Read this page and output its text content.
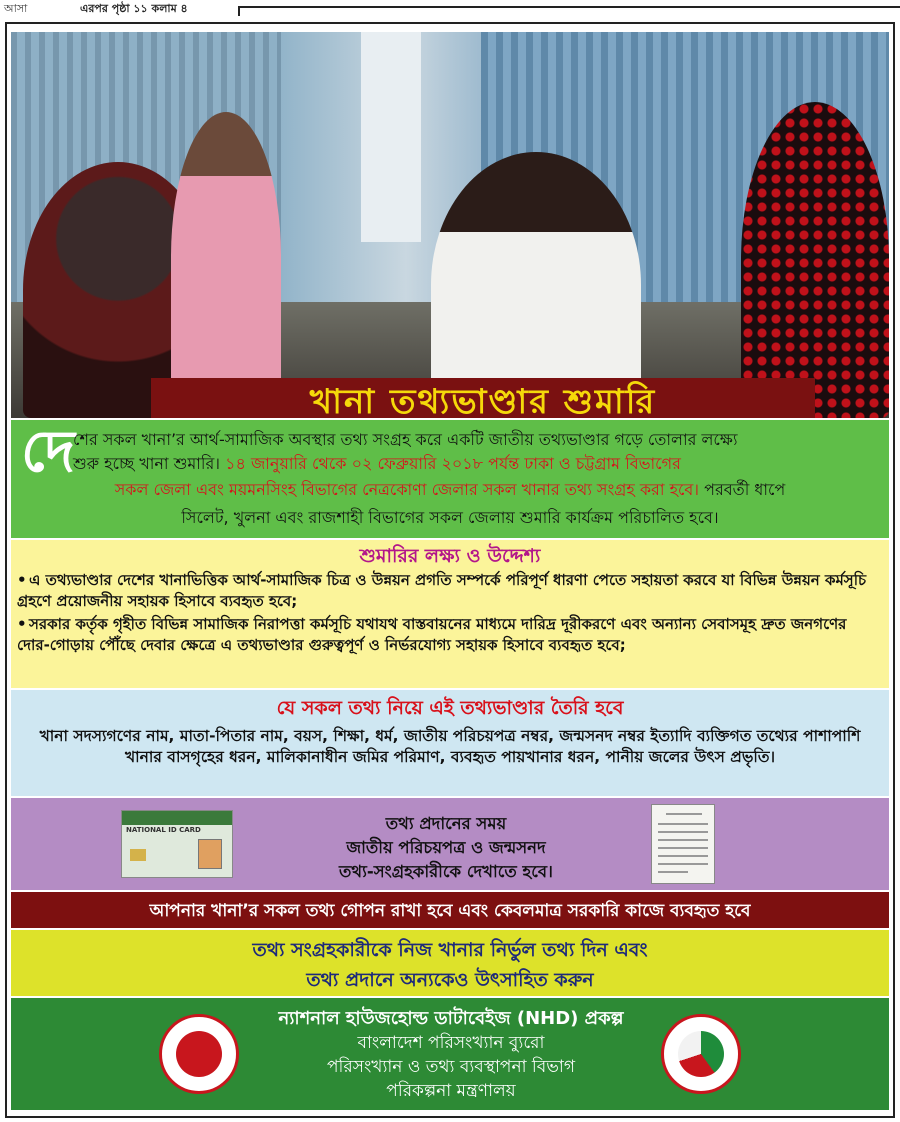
আসা	এরপর পৃষ্ঠা ১১ কলাম ৪
খানা তথ্যভাণ্ডার শুমারি
দে
শের সকল খানা’র আর্থ-সামাজিক অবস্থার তথ্য সংগ্রহ করে একটি জাতীয় তথ্যভাণ্ডার গড়ে তোলার লক্ষ্যে
শুরু হচ্ছে খানা শুমারি। ১৪ জানুয়ারি থেকে ০২ ফেব্রুয়ারি ২০১৮ পর্যন্ত ঢাকা ও চট্টগ্রাম বিভাগের
সকল জেলা এবং ময়মনসিংহ বিভাগের নেত্রকোণা জেলার সকল খানার তথ্য সংগ্রহ করা হবে। পরবর্তী ধাপে
সিলেট, খুলনা এবং রাজশাহী বিভাগের সকল জেলায় শুমারি কার্যক্রম পরিচালিত হবে।
শুমারির লক্ষ্য ও উদ্দেশ্য
• এ তথ্যভাণ্ডার দেশের খানাভিত্তিক আর্থ-সামাজিক চিত্র ও উন্নয়ন প্রগতি সম্পর্কে পরিপূর্ণ ধারণা পেতে সহায়তা করবে যা বিভিন্ন উন্নয়ন কর্মসূচি গ্রহণে প্রয়োজনীয় সহায়ক হিসাবে ব্যবহৃত হবে;
• সরকার কর্তৃক গৃহীত বিভিন্ন সামাজিক নিরাপত্তা কর্মসূচি যথাযথ বাস্তবায়নের মাধ্যমে দারিদ্র দূরীকরণে এবং অন্যান্য সেবাসমূহ দ্রুত জনগণের দোর-গোড়ায় পৌঁছে দেবার ক্ষেত্রে এ তথ্যভাণ্ডার গুরুত্বপূর্ণ ও নির্ভরযোগ্য সহায়ক হিসাবে ব্যবহৃত হবে;
যে সকল তথ্য নিয়ে এই তথ্যভাণ্ডার তৈরি হবে
খানা সদস্যগণের নাম, মাতা-পিতার নাম, বয়স, শিক্ষা, ধর্ম, জাতীয় পরিচয়পত্র নম্বর, জন্মসনদ নম্বর ইত্যাদি ব্যক্তিগত তথ্যের পাশাপাশি খানার বাসগৃহের ধরন, মালিকানাধীন জমির পরিমাণ, ব্যবহৃত পায়খানার ধরন, পানীয় জলের উৎস প্রভৃতি।
NATIONAL ID CARD	তথ্য প্রদানের সময়
জাতীয় পরিচয়পত্র ও জন্মসনদ
তথ্য-সংগ্রহকারীকে দেখাতে হবে।
আপনার খানা’র সকল তথ্য গোপন রাখা হবে এবং কেবলমাত্র সরকারি কাজে ব্যবহৃত হবে
তথ্য সংগ্রহকারীকে নিজ খানার নির্ভুল তথ্য দিন এবং
তথ্য প্রদানে অন্যকেও উৎসাহিত করুন
ন্যাশনাল হাউজহোল্ড ডাটাবেইজ (NHD) প্রকল্প
বাংলাদেশ পরিসংখ্যান ব্যুরো
পরিসংখ্যান ও তথ্য ব্যবস্থাপনা বিভাগ
পরিকল্পনা মন্ত্রণালয়
